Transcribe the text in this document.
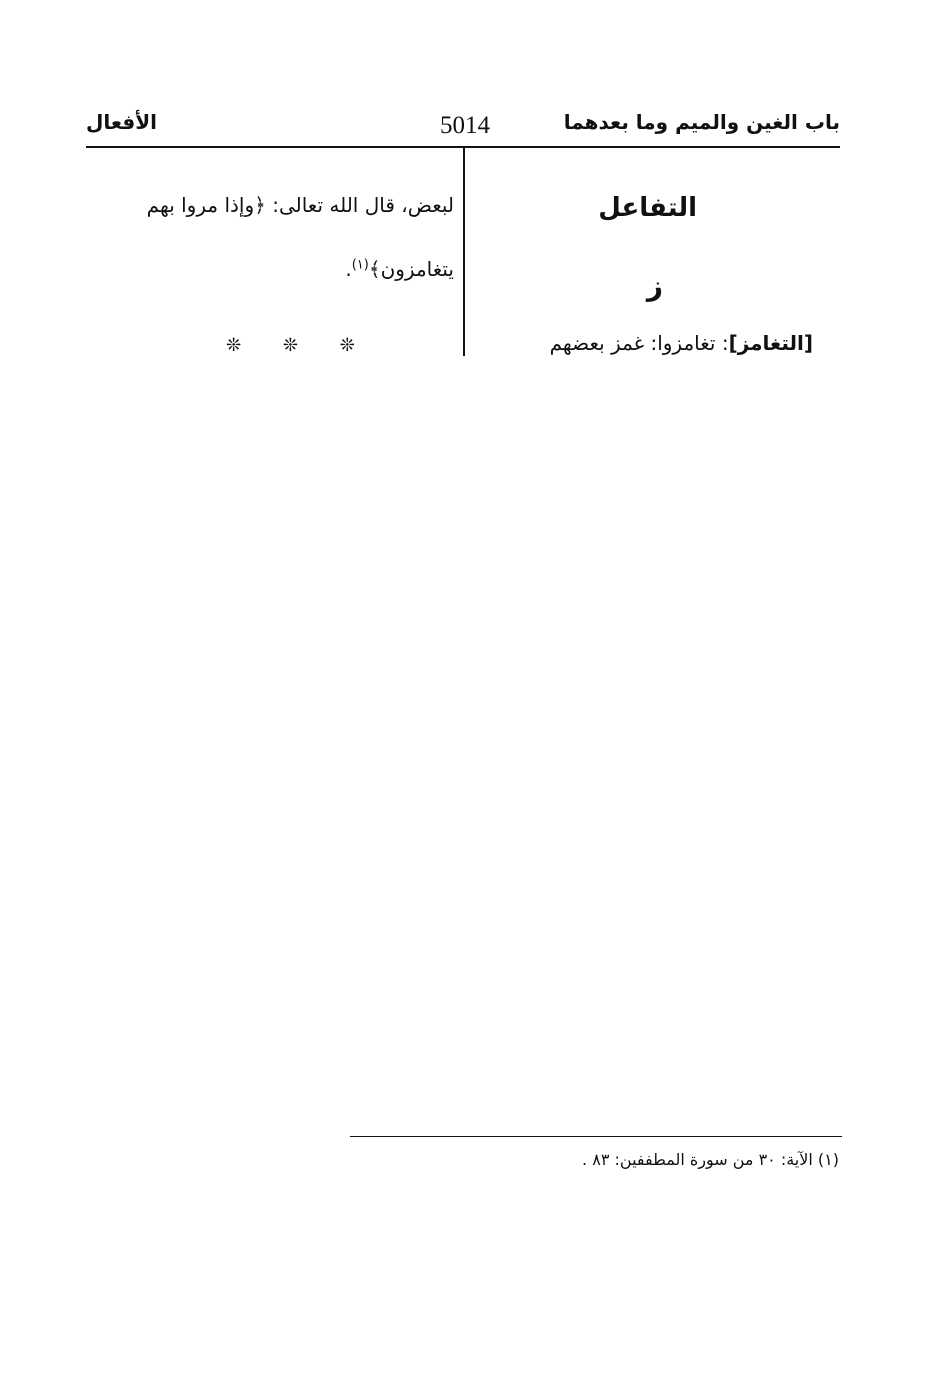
باب الغين والميم وما بعدهما
5014
الأفعال
التفاعل
ز
[التغامز]: تغامزوا: غمز بعضهم
لبعض، قال الله تعالى: ﴿وإذا مروا بهم
يتغامزون﴾$^{(١)}$.
❊ ❊ ❊
(١) الآية: ٣٠ من سورة المطففين: ٨٣ .
